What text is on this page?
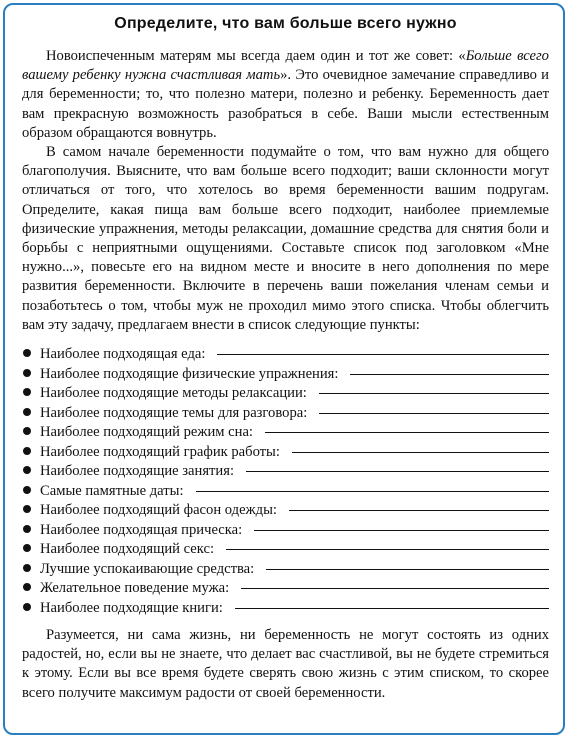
Определите, что вам больше всего нужно

Новоиспеченным матерям мы всегда даем один и тот же совет: «Больше всего вашему ребенку нужна счастливая мать». Это очевидное замечание справедливо и для беременности; то, что полезно матери, полезно и ребенку. Беременность дает вам прекрасную возможность разобраться в себе. Ваши мысли естественным образом обращаются вовнутрь.

В самом начале беременности подумайте о том, что вам нужно для общего благополучия. Выясните, что вам больше всего подходит; ваши склонности могут отличаться от того, что хотелось во время беременности вашим подругам. Определите, какая пища вам больше всего подходит, наиболее приемлемые физические упражнения, методы релаксации, домашние средства для снятия боли и борьбы с неприятными ощущениями. Составьте список под заголовком «Мне нужно...», повесьте его на видном месте и вносите в него дополнения по мере развития беременности. Включите в перечень ваши пожелания членам семьи и позаботьтесь о том, чтобы муж не проходил мимо этого списка. Чтобы облегчить вам эту задачу, предлагаем внести в список следующие пункты:

Наиболее подходящая еда:
Наиболее подходящие физические упражнения:
Наиболее подходящие методы релаксации:
Наиболее подходящие темы для разговора:
Наиболее подходящий режим сна:
Наиболее подходящий график работы:
Наиболее подходящие занятия:
Самые памятные даты:
Наиболее подходящий фасон одежды:
Наиболее подходящая прическа:
Наиболее подходящий секс:
Лучшие успокаивающие средства:
Желательное поведение мужа:
Наиболее подходящие книги:

Разумеется, ни сама жизнь, ни беременность не могут состоять из одних радостей, но, если вы не знаете, что делает вас счастливой, вы не будете стремиться к этому. Если вы все время будете сверять свою жизнь с этим списком, то скорее всего получите максимум радости от своей беременности.
